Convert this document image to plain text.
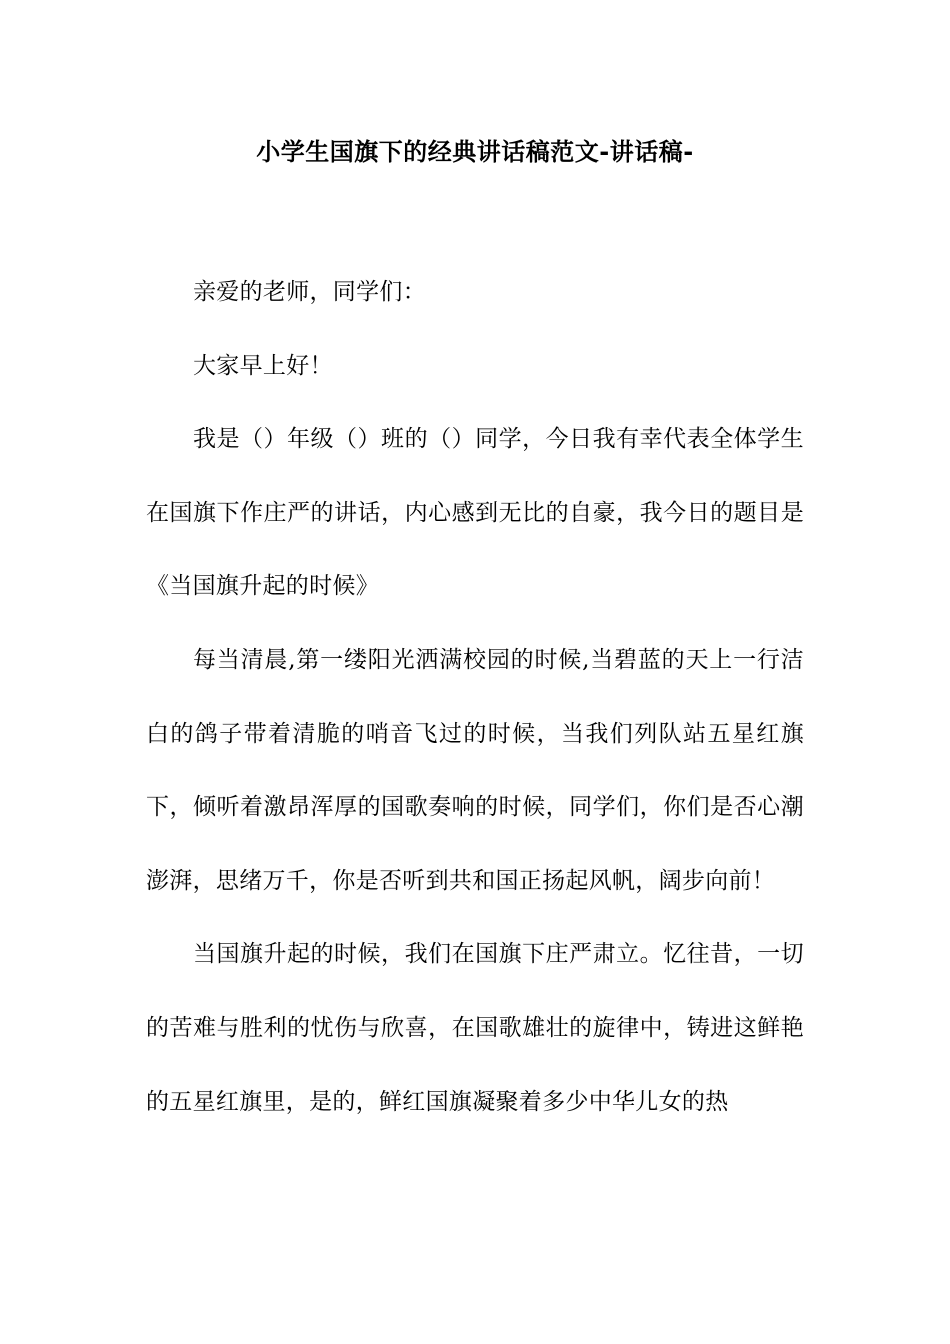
小学生国旗下的经典讲话稿范文-讲话稿-

亲爱的老师，同学们：

大家早上好！

我是（）年级（）班的（）同学，今日我有幸代表全体学生在国旗下作庄严的讲话，内心感到无比的自豪，我今日的题目是《当国旗升起的时候》

每当清晨,第一缕阳光洒满校园的时候,当碧蓝的天上一行洁白的鸽子带着清脆的哨音飞过的时候，当我们列队站五星红旗下，倾听着激昂浑厚的国歌奏响的时候，同学们，你们是否心潮澎湃，思绪万千，你是否听到共和国正扬起风帆，阔步向前！

当国旗升起的时候，我们在国旗下庄严肃立。忆往昔，一切的苦难与胜利的忧伤与欣喜，在国歌雄壮的旋律中，铸进这鲜艳的五星红旗里，是的，鲜红国旗凝聚着多少中华儿女的热
